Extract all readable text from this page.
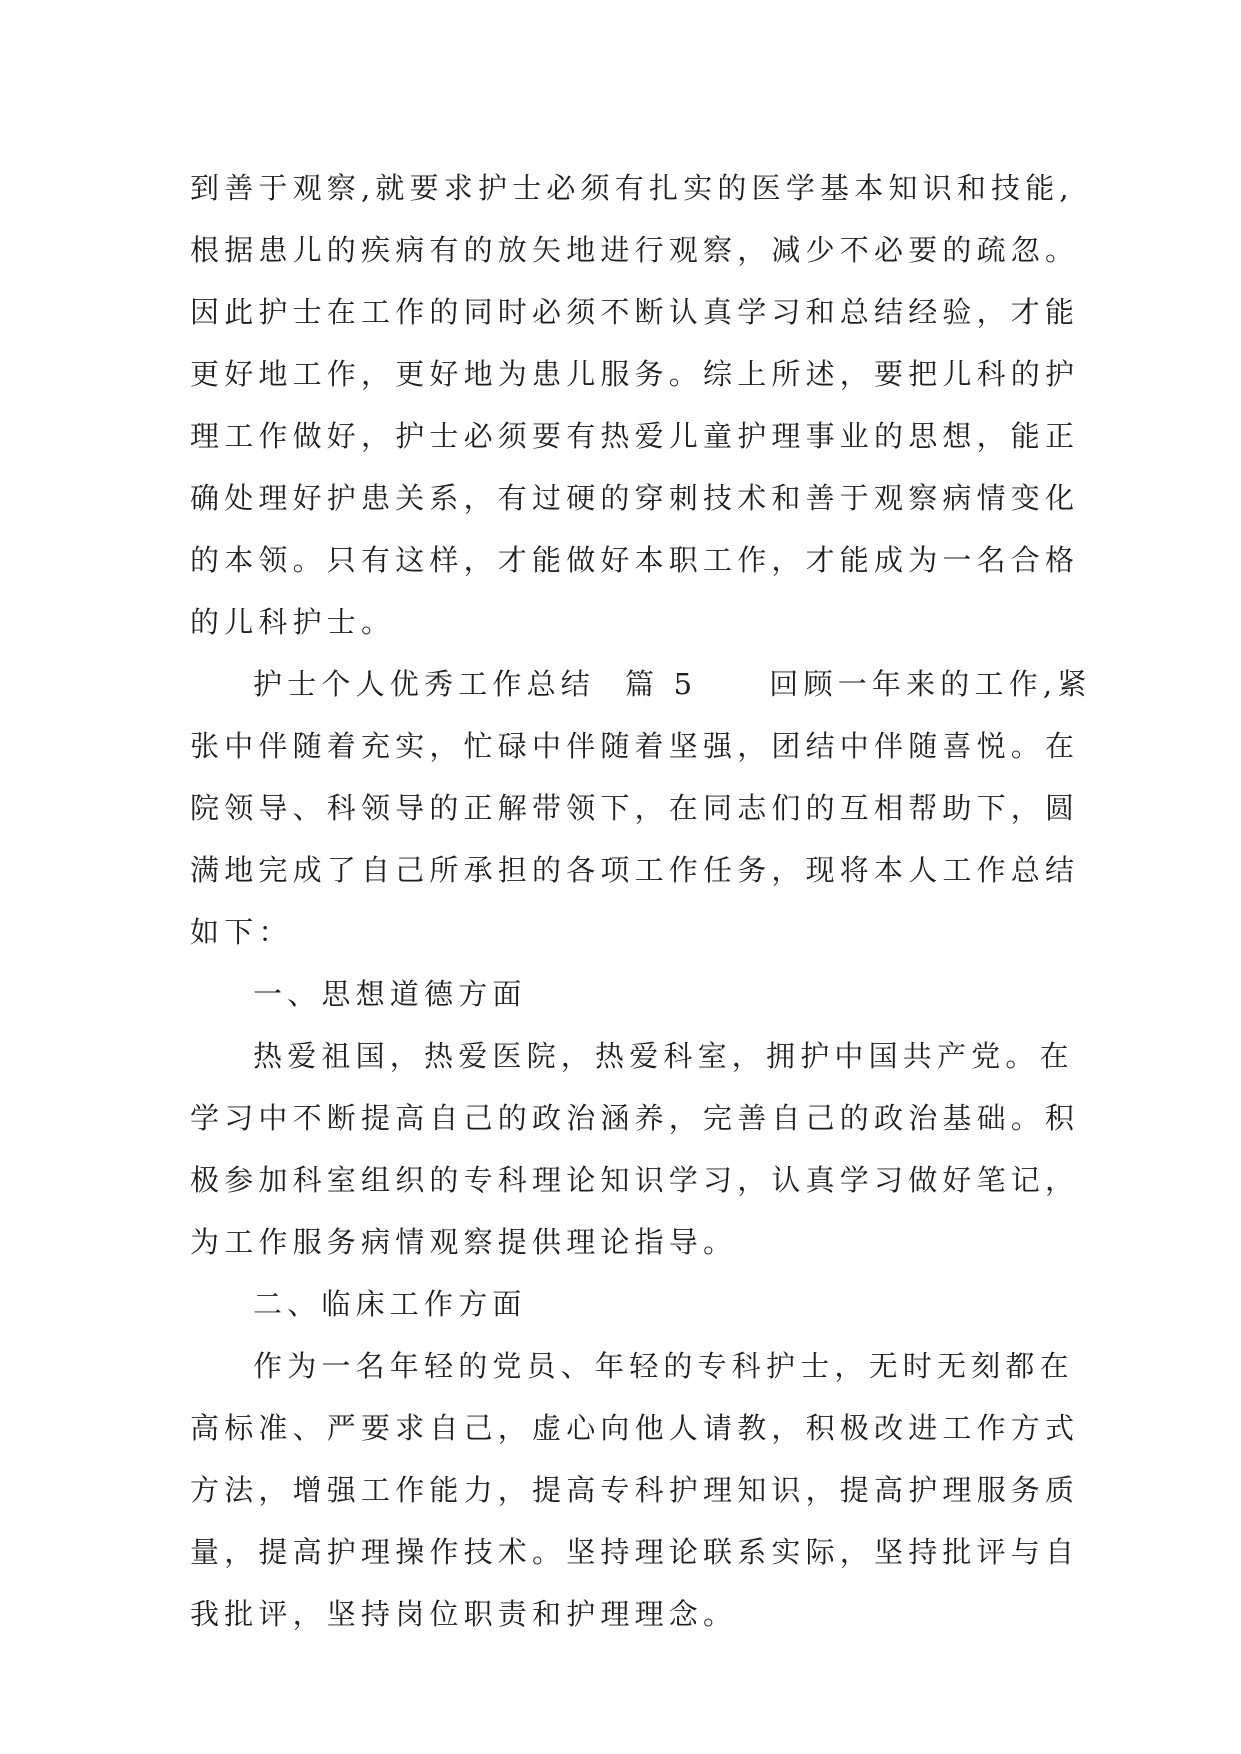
到善于观察,就要求护士必须有扎实的医学基本知识和技能,
根据患儿的疾病有的放矢地进行观察，减少不必要的疏忽。
因此护士在工作的同时必须不断认真学习和总结经验，才能
更好地工作，更好地为患儿服务。综上所述，要把儿科的护
理工作做好，护士必须要有热爱儿童护理事业的思想，能正
确处理好护患关系，有过硬的穿刺技术和善于观察病情变化
的本领。只有这样，才能做好本职工作，才能成为一名合格
的儿科护士。
护士个人优秀工作总结 篇 5 回顾一年来的工作,紧
张中伴随着充实，忙碌中伴随着坚强，团结中伴随喜悦。在
院领导、科领导的正解带领下，在同志们的互相帮助下，圆
满地完成了自己所承担的各项工作任务，现将本人工作总结
如下：
一、思想道德方面
热爱祖国，热爱医院，热爱科室，拥护中国共产党。在
学习中不断提高自己的政治涵养，完善自己的政治基础。积
极参加科室组织的专科理论知识学习，认真学习做好笔记，
为工作服务病情观察提供理论指导。
二、临床工作方面
作为一名年轻的党员、年轻的专科护士，无时无刻都在
高标准、严要求自己，虚心向他人请教，积极改进工作方式
方法，增强工作能力，提高专科护理知识，提高护理服务质
量，提高护理操作技术。坚持理论联系实际，坚持批评与自
我批评，坚持岗位职责和护理理念。
